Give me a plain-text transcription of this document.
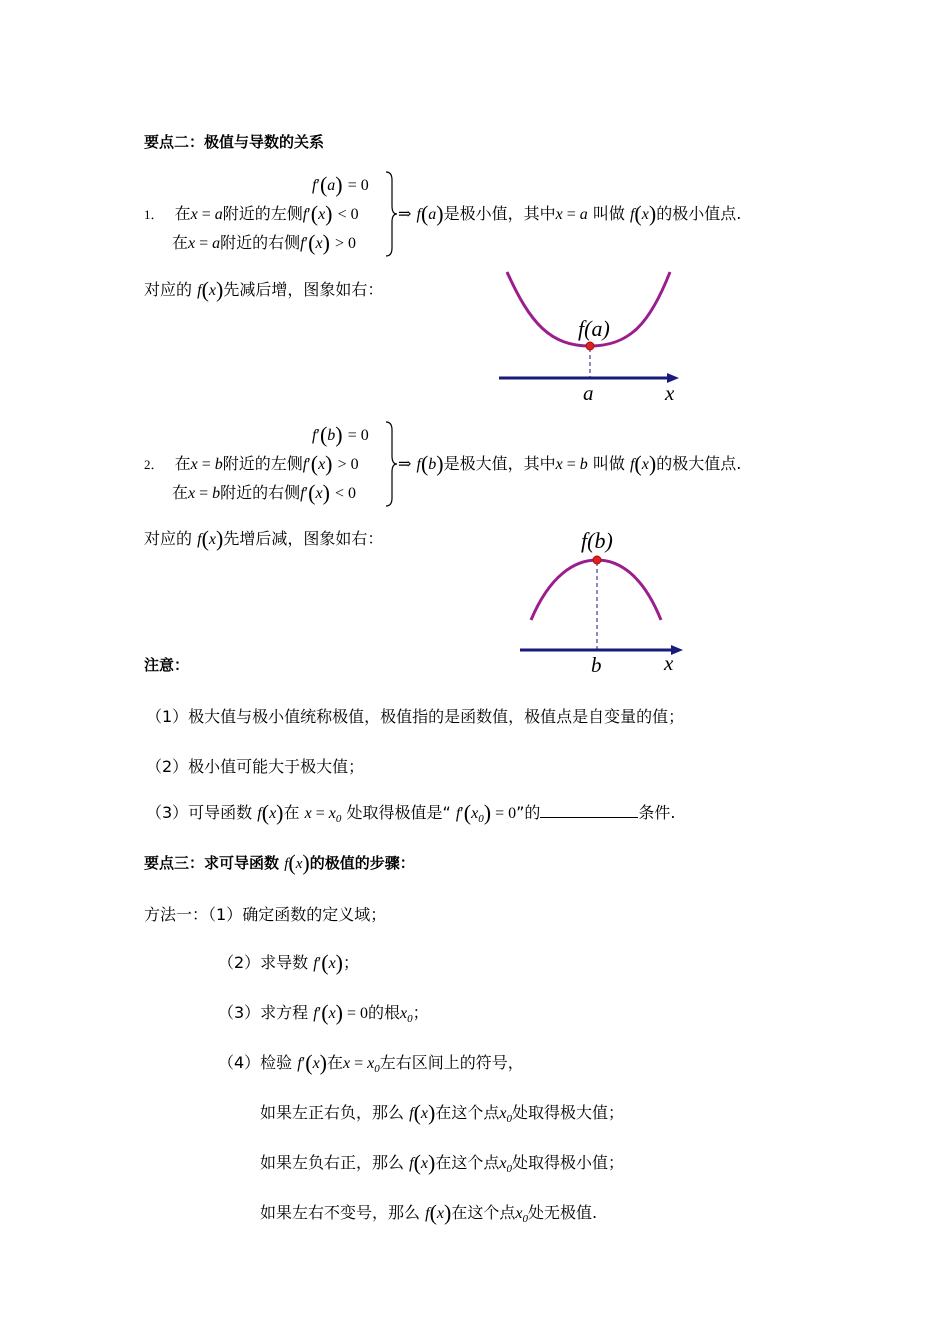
要点二：极值与导数的关系
f′(a) = 0
1． 在x = a附近的左侧f′(x) < 0
在x = a附近的右侧f′(x) > 0
⇒ f(a)是极小值，其中x = a 叫做 f(x)的极小值点.
对应的 f(x)先减后增，图象如右：
f(a)
a	x
f′(b) = 0
2． 在x = b附近的左侧f′(x) > 0
在x = b附近的右侧f′(x) < 0
⇒ f(b)是极大值，其中x = b 叫做 f(x)的极大值点.
对应的 f(x)先增后减，图象如右：	f(b)
b	x
注意：
（1）极大值与极小值统称极值，极值指的是函数值，极值点是自变量的值；
（2）极小值可能大于极大值；
（3）可导函数 f(x)在 $x = x_0$ 处取得极值是“ $f'(x_0) = 0$”的	条件.
要点三：求可导函数 f(x)的极值的步骤：
方法一：（1）确定函数的定义域；
（2）求导数 f′(x)；
（3）求方程 f′(x) = 0的根$x_0$；
（4）检验 f′(x)在$x = x_0$左右区间上的符号，
如果左正右负，那么 f(x)在这个点$x_0$处取得极大值；
如果左负右正，那么 f(x)在这个点$x_0$处取得极小值；
如果左右不变号，那么 f(x)在这个点$x_0$处无极值.
